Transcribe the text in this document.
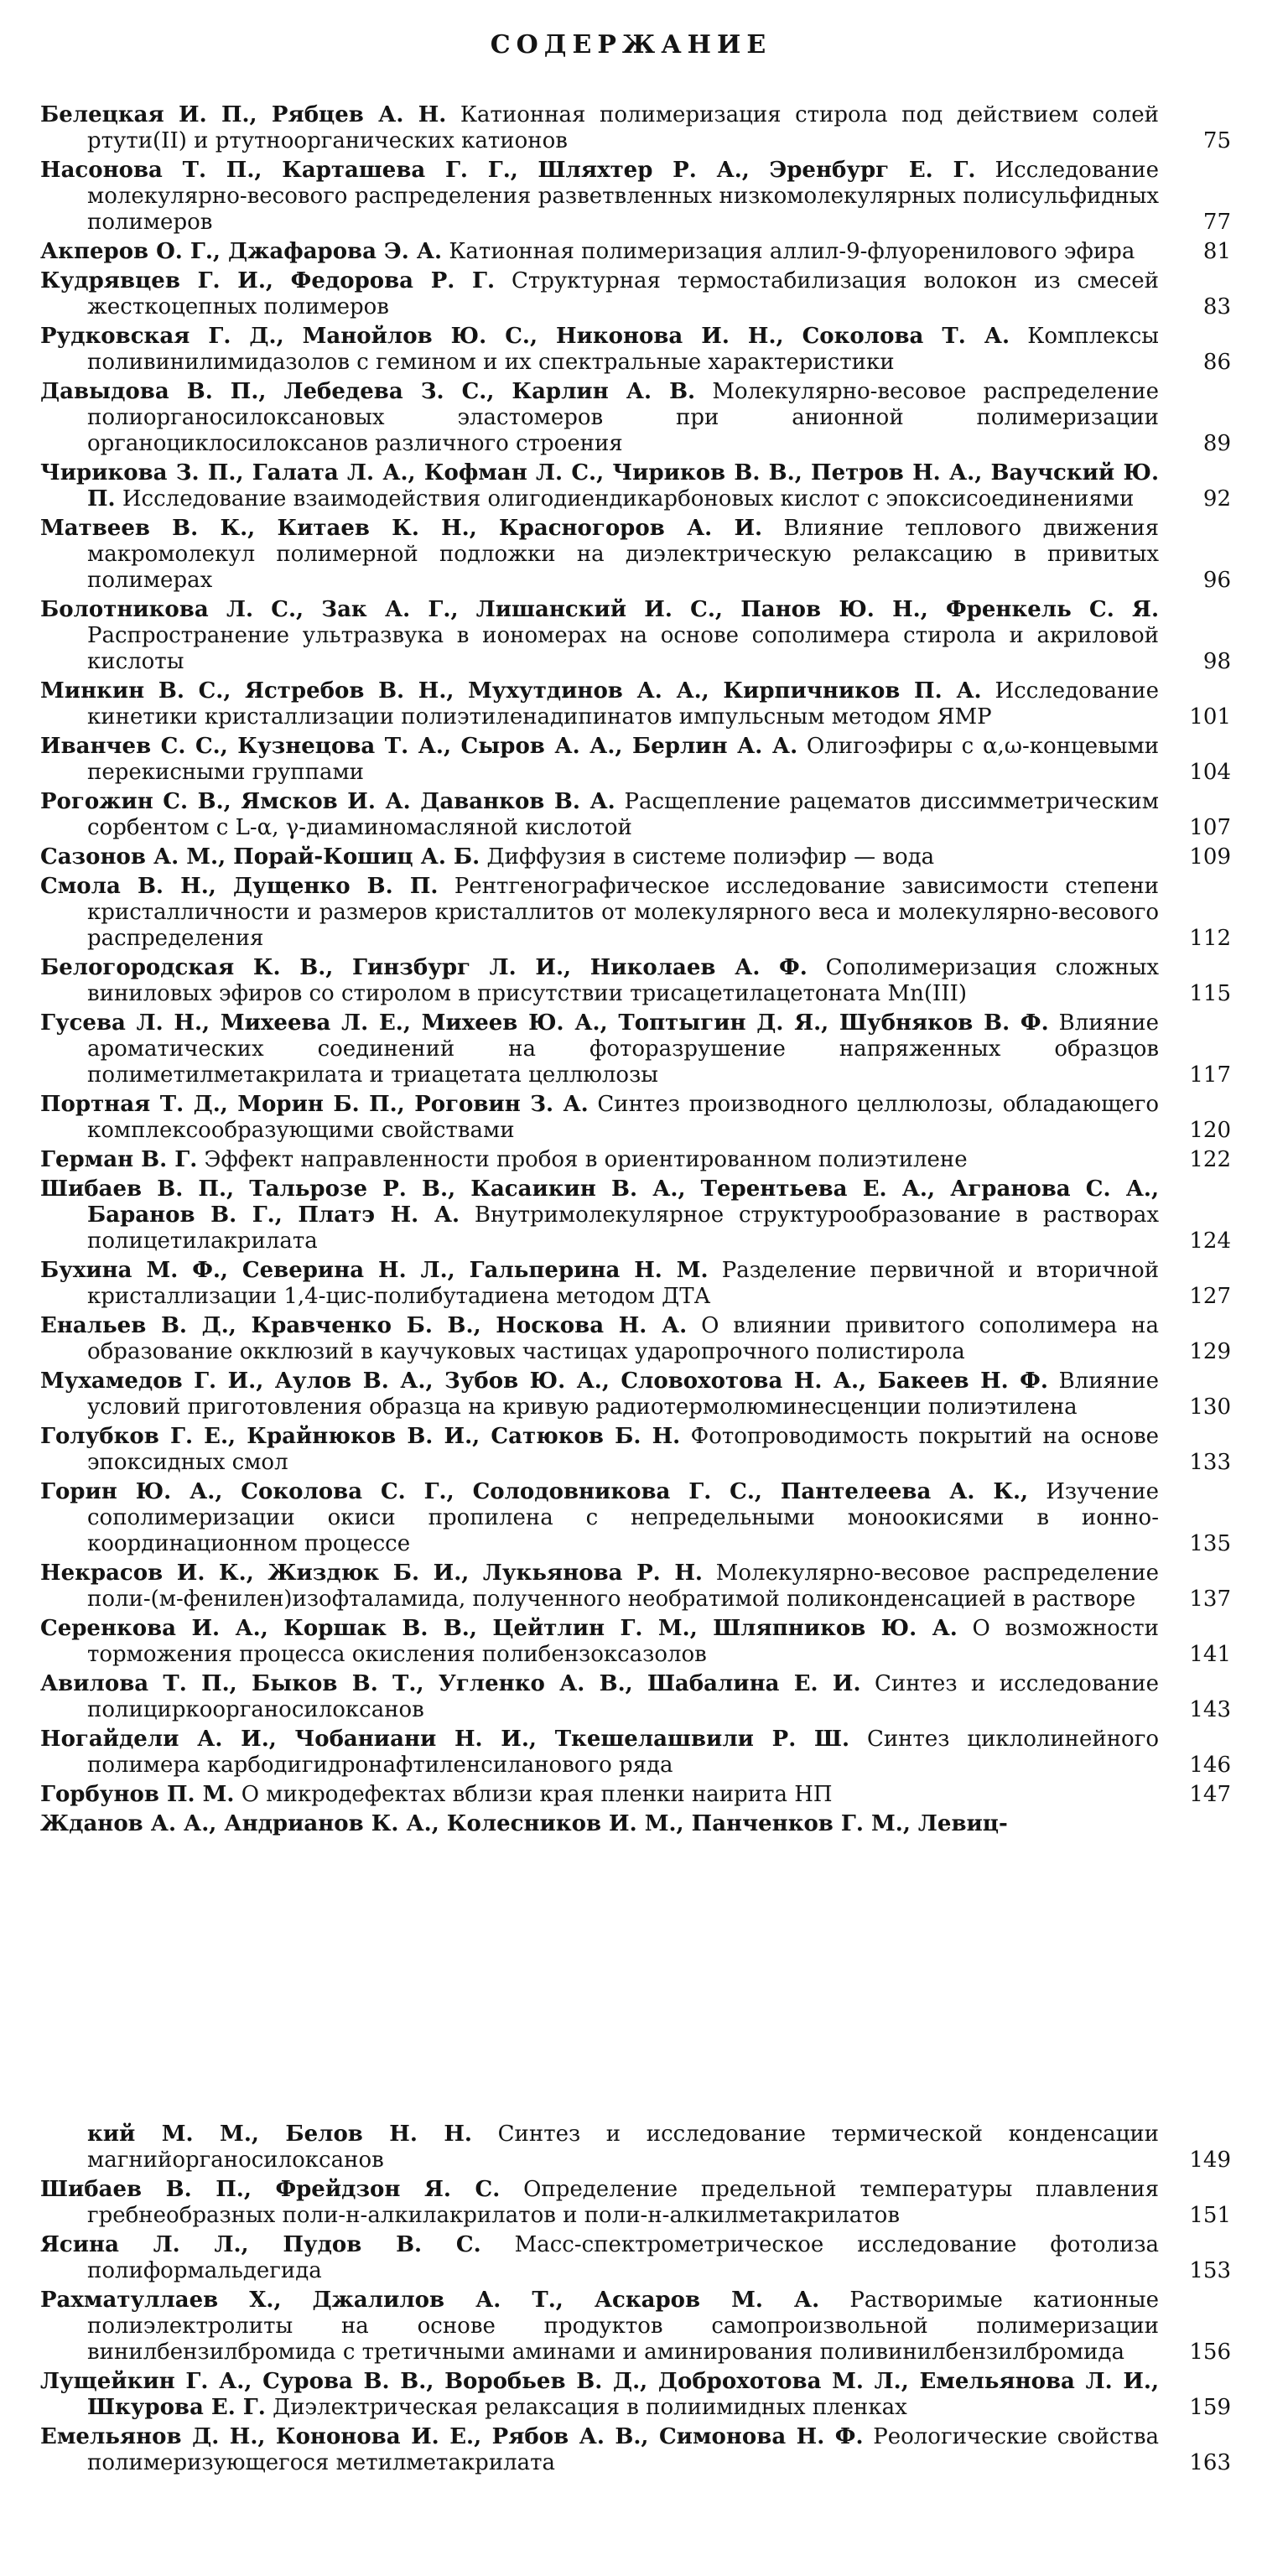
СОДЕРЖАНИЕ
Белецкая И. П., Рябцев А. Н. Катионная полимеризация стирола под действием солей ртути(II) и ртутноорганических катионов	75
Насонова Т. П., Карташева Г. Г., Шляхтер Р. А., Эренбург Е. Г. Исследование молекулярно-весового распределения разветвленных низкомолекулярных полисульфидных полимеров	77
Акперов О. Г., Джафарова Э. А. Катионная полимеризация аллил-9-флуоренилового эфира	81
Кудрявцев Г. И., Федорова Р. Г. Структурная термостабилизация волокон из смесей жесткоцепных полимеров	83
Рудковская Г. Д., Манойлов Ю. С., Никонова И. Н., Соколова Т. А. Комплексы поливинилимидазолов с гемином и их спектральные характеристики	86
Давыдова В. П., Лебедева З. С., Карлин А. В. Молекулярно-весовое распределение полиорганосилоксановых эластомеров при анионной полимеризации органоциклосилоксанов различного строения	89
Чирикова З. П., Галата Л. А., Кофман Л. С., Чириков В. В., Петров Н. А., Ваучский Ю. П. Исследование взаимодействия олигодиендикарбоновых кислот с эпоксисоединениями	92
Матвеев В. К., Китаев К. Н., Красногоров А. И. Влияние теплового движения макромолекул полимерной подложки на диэлектрическую релаксацию в привитых полимерах	96
Болотникова Л. С., Зак А. Г., Лишанский И. С., Панов Ю. Н., Френкель С. Я. Распространение ультразвука в иономерах на основе сополимера стирола и акриловой кислоты	98
Минкин В. С., Ястребов В. Н., Мухутдинов А. А., Кирпичников П. А. Исследование кинетики кристаллизации полиэтиленадипинатов импульсным методом ЯМР	101
Иванчев С. С., Кузнецова Т. А., Сыров А. А., Берлин А. А. Олигоэфиры с α,ω-концевыми перекисными группами	104
Рогожин С. В., Ямсков И. А. Даванков В. А. Расщепление рацематов диссимметрическим сорбентом с L-α, γ-диаминомасляной кислотой	107
Сазонов А. М., Порай-Кошиц А. Б. Диффузия в системе полиэфир — вода	109
Смола В. Н., Дущенко В. П. Рентгенографическое исследование зависимости степени кристалличности и размеров кристаллитов от молекулярного веса и молекулярно-весового распределения	112
Белогородская К. В., Гинзбург Л. И., Николаев А. Ф. Сополимеризация сложных виниловых эфиров со стиролом в присутствии трисацетилацетоната Mn(III)	115
Гусева Л. Н., Михеева Л. Е., Михеев Ю. А., Топтыгин Д. Я., Шубняков В. Ф. Влияние ароматических соединений на фоторазрушение напряженных образцов полиметилметакрилата и триацетата целлюлозы	117
Портная Т. Д., Морин Б. П., Роговин З. А. Синтез производного целлюлозы, обладающего комплексообразующими свойствами	120
Герман В. Г. Эффект направленности пробоя в ориентированном полиэтилене	122
Шибаев В. П., Тальрозе Р. В., Касаикин В. А., Терентьева Е. А., Агранова С. А., Баранов В. Г., Платэ Н. А. Внутримолекулярное структурообразование в растворах полицетилакрилата	124
Бухина М. Ф., Северина Н. Л., Гальперина Н. М. Разделение первичной и вторичной кристаллизации 1,4-цис-полибутадиена методом ДТА	127
Енальев В. Д., Кравченко Б. В., Носкова Н. А. О влиянии привитого сополимера на образование окклюзий в каучуковых частицах ударопрочного полистирола	129
Мухамедов Г. И., Аулов В. А., Зубов Ю. А., Словохотова Н. А., Бакеев Н. Ф. Влияние условий приготовления образца на кривую радиотермолюминесценции полиэтилена	130
Голубков Г. Е., Крайнюков В. И., Сатюков Б. Н. Фотопроводимость покрытий на основе эпоксидных смол	133
Горин Ю. А., Соколова С. Г., Солодовникова Г. С., Пантелеева А. К., Изучение сополимеризации окиси пропилена с непредельными моноокисями в ионно-координационном процессе	135
Некрасов И. К., Жиздюк Б. И., Лукьянова Р. Н. Молекулярно-весовое распределение поли-(м-фенилен)изофталамида, полученного необратимой поликонденсацией в растворе	137
Серенкова И. А., Коршак В. В., Цейтлин Г. М., Шляпников Ю. А. О возможности торможения процесса окисления полибензоксазолов	141
Авилова Т. П., Быков В. Т., Угленко А. В., Шабалина Е. И. Синтез и исследование полициркоорганосилоксанов	143
Ногайдели А. И., Чобаниани Н. И., Ткешелашвили Р. Ш. Синтез циклолинейного полимера карбодигидронафтиленсиланового ряда	146
Горбунов П. М. О микродефектах вблизи края пленки наирита НП	147
Жданов А. А., Андрианов К. А., Колесников И. М., Панченков Г. М., Левиц-
кий М. М., Белов Н. Н. Синтез и исследование термической конденсации магнийорганосилоксанов	149
Шибаев В. П., Фрейдзон Я. С. Определение предельной температуры плавления гребнеобразных поли-н-алкилакрилатов и поли-н-алкилметакрилатов	151
Ясина Л. Л., Пудов В. С. Масс-спектрометрическое исследование фотолиза полиформальдегида	153
Рахматуллаев Х., Джалилов А. Т., Аскаров М. А. Растворимые катионные полиэлектролиты на основе продуктов самопроизвольной полимеризации винилбензилбромида с третичными аминами и аминирования поливинилбензилбромида	156
Лущейкин Г. А., Сурова В. В., Воробьев В. Д., Доброхотова М. Л., Емельянова Л. И., Шкурова Е. Г. Диэлектрическая релаксация в полиимидных пленках	159
Емельянов Д. Н., Кононова И. Е., Рябов А. В., Симонова Н. Ф. Реологические свойства полимеризующегося метилметакрилата	163
